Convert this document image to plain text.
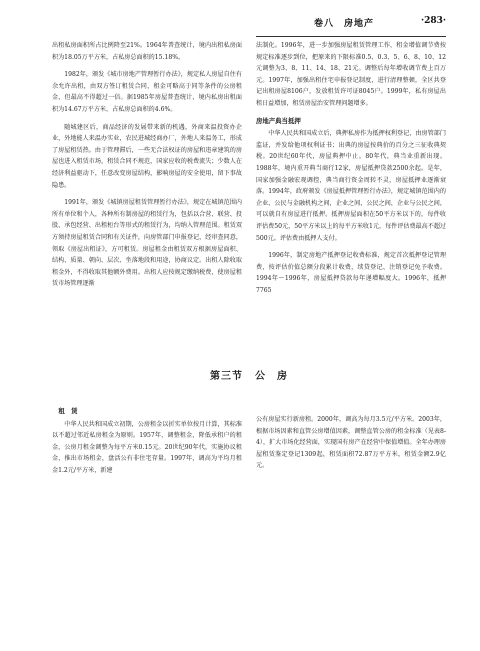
卷八　房地产	·283·

出租私房面积所占比例降至21%。1964年普查统计，境内出租私房面积为18.05万平方米，占私房总面积的15.18%。

1982年，颁发《城市房地产管理暂行办法》，规定私人房屋自住有余允许出租，由双方签订租赁合同，租金可略高于同等条件的公房租金，但最高不得超过一倍。据1985年房屋普查统计，境内私房出租面积为14.67万平方米，占私房总面积的4.6%。

随城建区后，商品经济的发展带来新的机遇，外商来温投资办企业，外地能人来温办实业，农民进城经商办厂，外地人来温务工，形成了房屋租赁热。由于管理滞后，一些无合法权证的房屋和违章建筑的房屋也进入租赁市场，租赁合同不规范，国家应收的税费流失；少数人在经济利益驱动下，任意改变房屋结构，影响房屋的安全使用，留下事故隐患。

1991年，颁发《城镇房屋租赁管理暂行办法》，规定在城镇范围内所有单位和个人，各种所有制房屋的租赁行为，包括以合营、联营、投股、承包经营、出租柜台等形式的租赁行为，均纳入管理范围。租赁双方须持房屋租赁合同和有关证件，向房管部门申报登记，经审查同意，领取《房屋出租证》，方可租赁。房屋租金由租赁双方根据房屋面积、结构、质量、朝向、层次、坐落地段和用途，协商议定。出租人除收取租金外，不得收取其他额外费用。出租人应按规定缴纳税费，使房屋租赁市场管理逐渐

法制化。1996年，进一步加强房屋租赁管理工作，租金增值调节费按规定标准逐步到位，把原来的下限标准0.5、0.3、5、6、8、10、12元调整为3、8、11、14、18、21元。调整后每年增收调节费上百万元。1997年，加强出租住宅申报登记制度，进行清理整顿，全区共登记出租房屋8106户，发放租赁许可证8045户。1999年，私有房屋出租日益增加，租赁房屋治安管理问题增多。

房地产典当抵押

中华人民共和国成立后，典押私房作为抵押权利登记，由房管部门监证，并发给他项权利证书；出典的房屋按典价的百分之三征收典契税。20世纪60年代，房屋典押中止。80年代，典当业重新出现。1988年，境内重开典当商行12家，房屋抵押贷款2500余起。是年，国家加强金融宏观调控，典当商行资金周转不灵，房屋抵押业逐渐衰落。1994年，政府颁发《房屋抵押管理暂行办法》，规定城镇范围内的企业、公民与金融机构之间，企业之间，公民之间，企业与公民之间，可以就自有房屋进行抵押。抵押房屋面积在50平方米以下的，每件收评估费50元，50平方米以上的每平方米收1元，每件评估费最高不超过500元。评估费由抵押人支付。

1996年，制定房地产抵押登记收费标准，规定首次抵押登记管理费，按评估价值总额分段累计收费，续贷登记、注销登记免予收费。1994年～1996年，房屋抵押贷款每年递增幅度大。1996年，抵押7765

第三节 公　房
租　赁

中华人民共和国成立初期，公房租金以折实单位按月计算，其标准以不超过邻近私房租金为原则。1957年，调整租金，降低承租户的租金，公房月租金调整为每平方米0.15元。20世纪90年代，实施协议租金，推出市场租金，盘活公有非住宅存量。1997年，调高为平均月租金1.2元/平方米，新建

公有房屋实行新房租。2000年，调高为每月3.5元/平方米。2003年，根据市场因素和直管公房增值因素，调整直管公房的租金标准（见表8-4），扩大市场化经营面，实现国有房产在经营中保值增值。全年办理房屋租赁鉴定登记1309起，租赁面积72.87万平方米，租赁金额2.9亿元。
